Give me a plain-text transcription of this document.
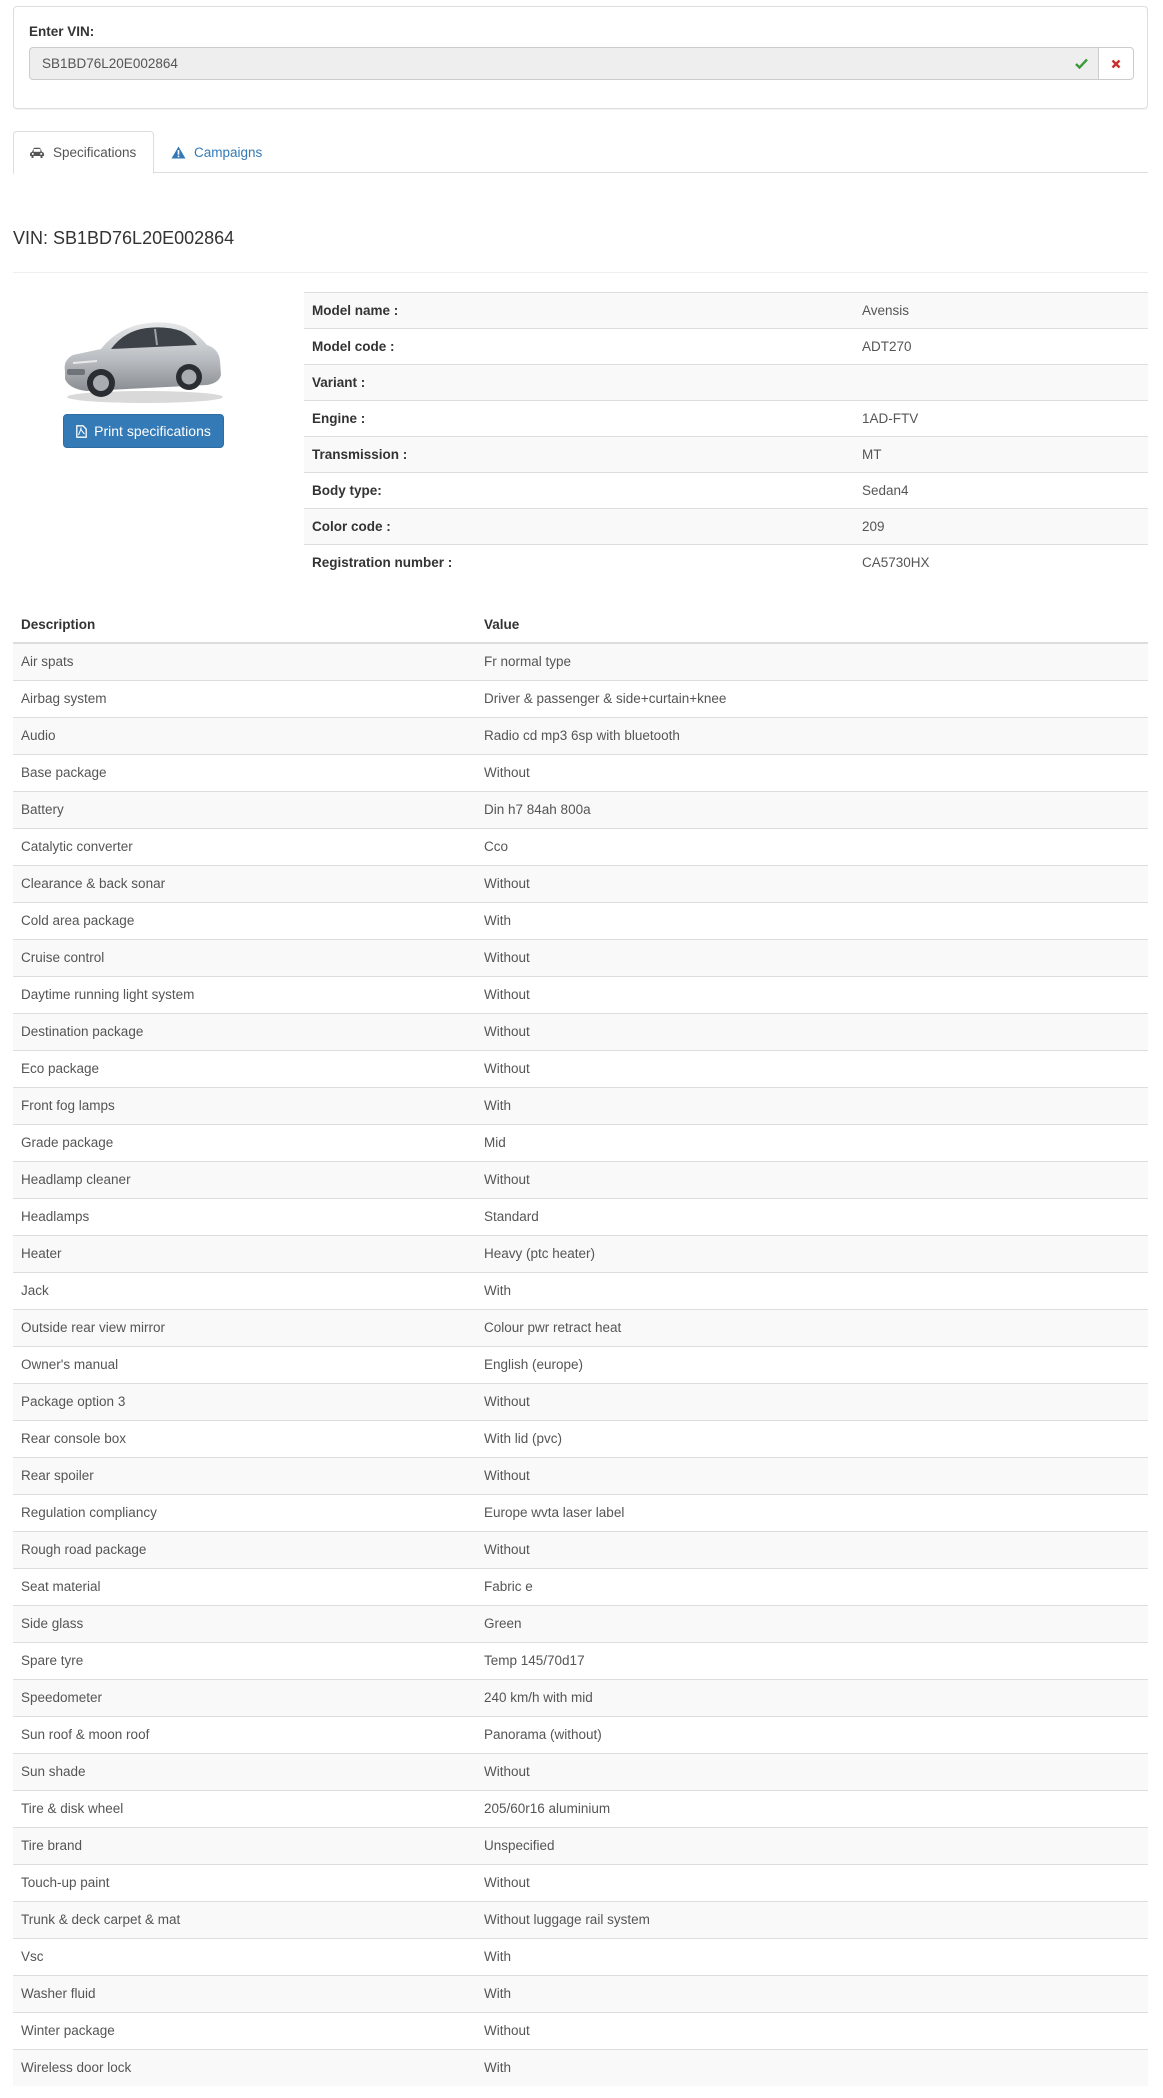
Enter VIN:
SB1BD76L20E002864
Specifications	Campaigns
VIN: SB1BD76L20E002864
Print specifications
Model name :	Avensis
Model code :	ADT270
Variant :	
Engine :	1AD-FTV
Transmission :	MT
Body type:	Sedan4
Color code :	209
Registration number :	CA5730HX
Description	Value
Air spats	Fr normal type
Airbag system	Driver & passenger & side+curtain+knee
Audio	Radio cd mp3 6sp with bluetooth
Base package	Without
Battery	Din h7 84ah 800a
Catalytic converter	Cco
Clearance & back sonar	Without
Cold area package	With
Cruise control	Without
Daytime running light system	Without
Destination package	Without
Eco package	Without
Front fog lamps	With
Grade package	Mid
Headlamp cleaner	Without
Headlamps	Standard
Heater	Heavy (ptc heater)
Jack	With
Outside rear view mirror	Colour pwr retract heat
Owner's manual	English (europe)
Package option 3	Without
Rear console box	With lid (pvc)
Rear spoiler	Without
Regulation compliancy	Europe wvta laser label
Rough road package	Without
Seat material	Fabric e
Side glass	Green
Spare tyre	Temp 145/70d17
Speedometer	240 km/h with mid
Sun roof & moon roof	Panorama (without)
Sun shade	Without
Tire & disk wheel	205/60r16 aluminium
Tire brand	Unspecified
Touch-up paint	Without
Trunk & deck carpet & mat	Without luggage rail system
Vsc	With
Washer fluid	With
Winter package	Without
Wireless door lock	With
